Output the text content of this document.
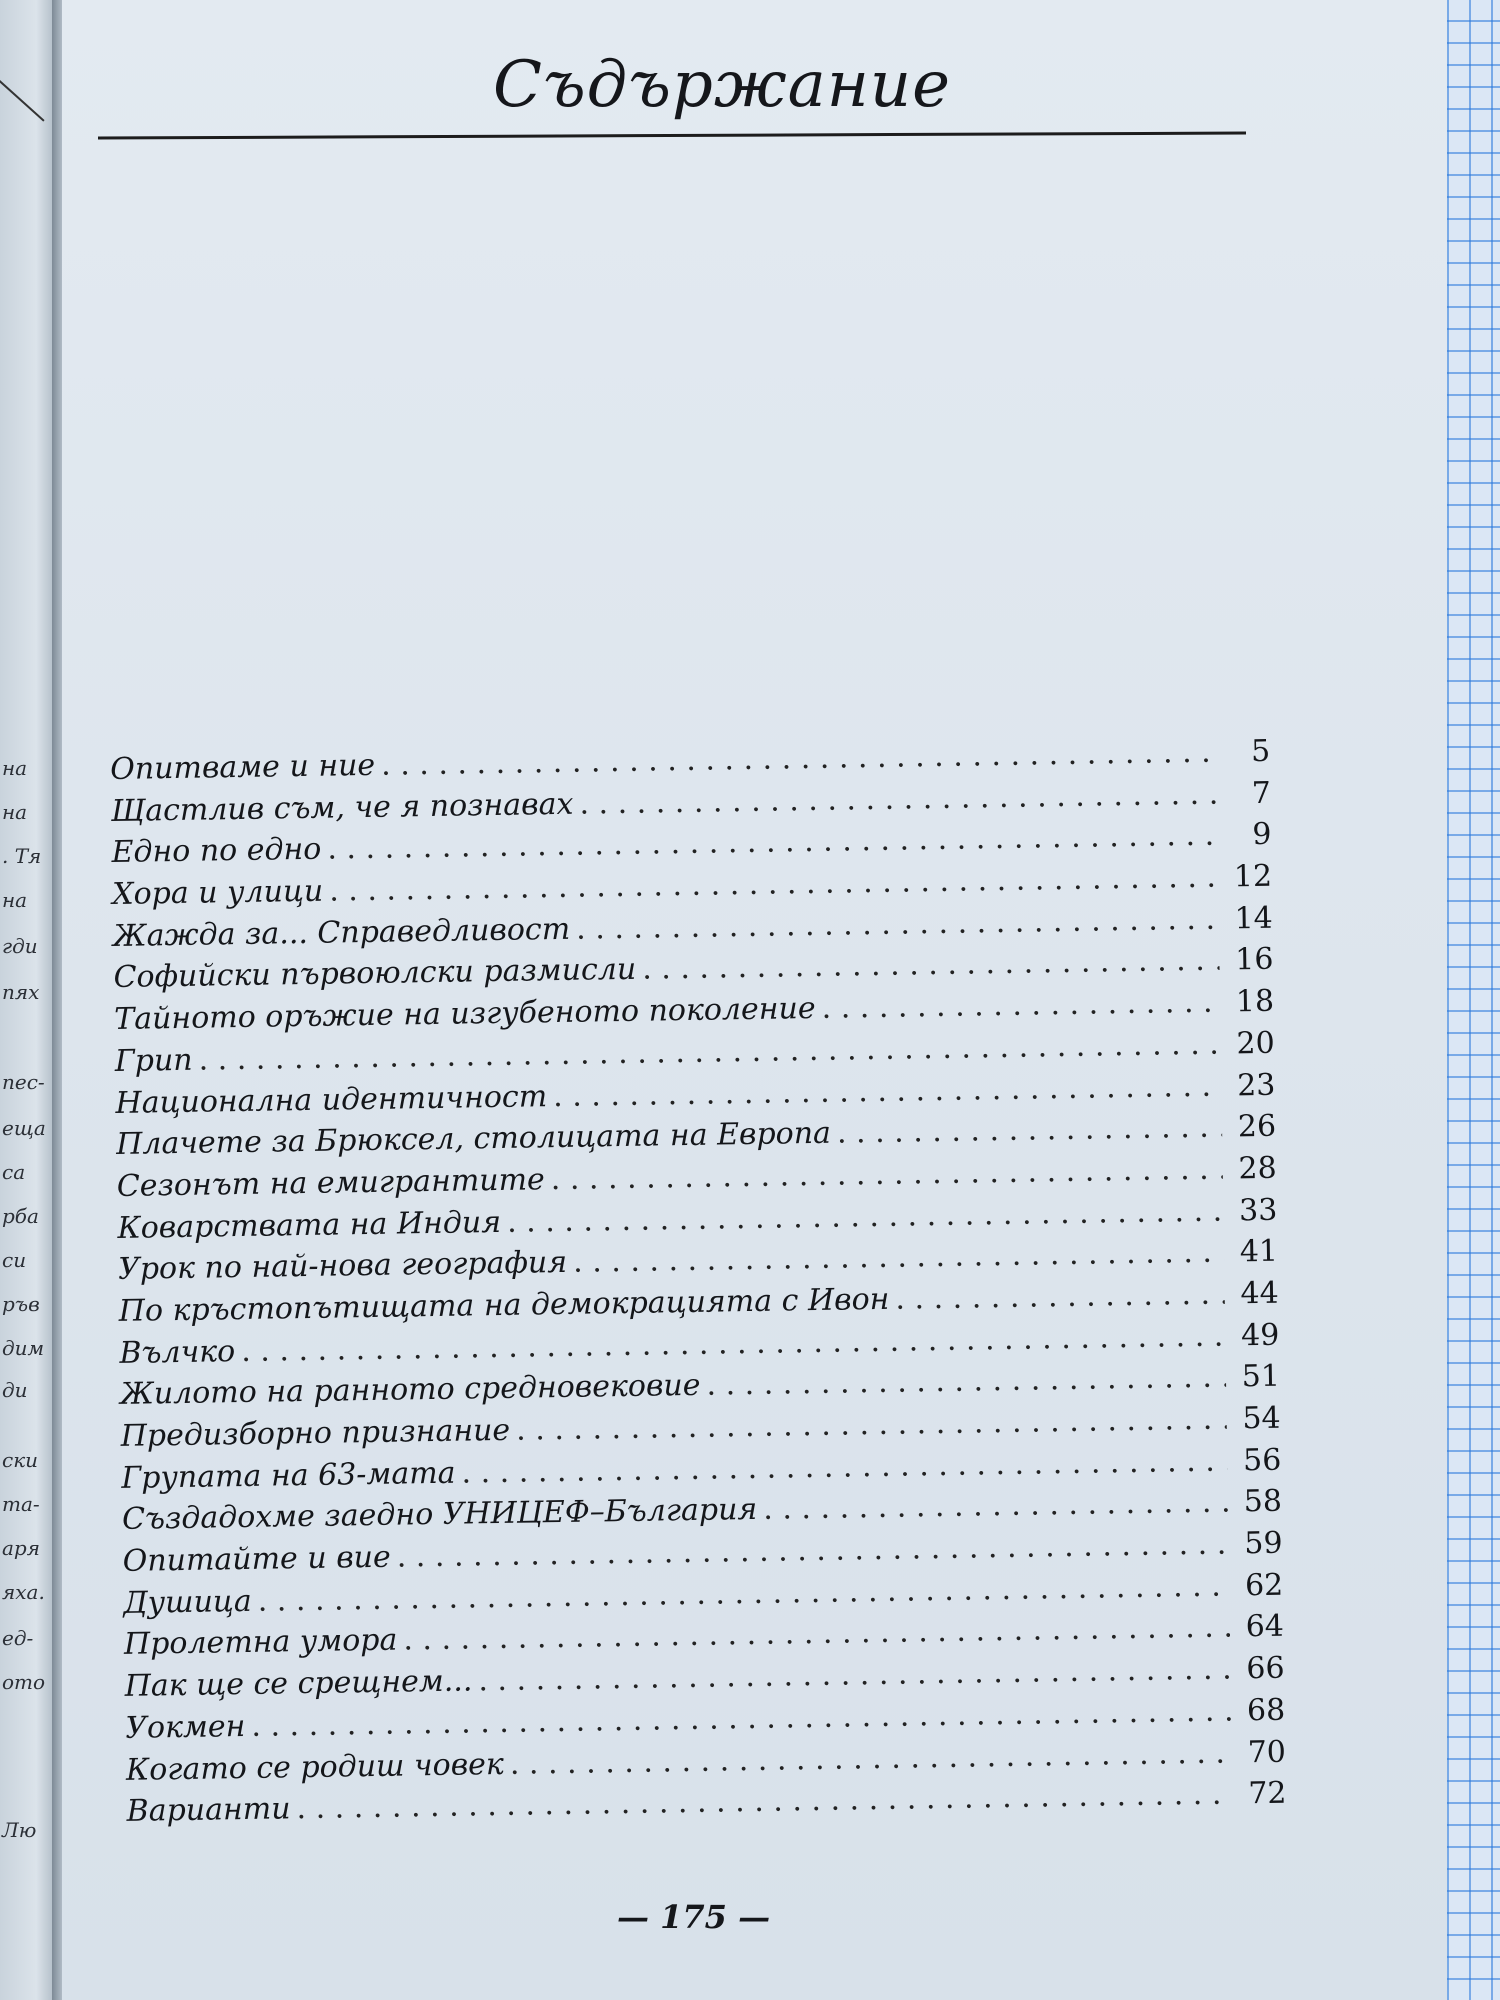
на
на
. Тя
на
гди
пях
пес-
еща
са
рба
си
ръв
дим
ди
ски
та-
аря
яха.
ед-
ото
Лю

Съдържание
Опитваме и ние . . .	5
Щастлив съм, че я познавах . . .	7
Едно по едно . . .	9
Хора и улици . . .	12
Жажда за... Справедливост . . .	14
Софийски първоюлски размисли . . .	16
Тайното оръжие на изгубеното поколение . . .	18
Грип . . .	20
Национална идентичност . . .	23
Плачете за Брюксел, столицата на Европа . . .	26
Сезонът на емигрантите . . .	28
Коварствата на Индия . . .	33
Урок по най-нова география . . .	41
По кръстопътищата на демокрацията с Ивон . . .	44
Вълчко . . .	49
Жилото на ранното средновековие . . .	51
Предизборно признание . . .	54
Групата на 63-мата . . .	56
Създадохме заедно УНИЦЕФ–България . . .	58
Опитайте и вие . . .	59
Душица . . .	62
Пролетна умора . . .	64
Пак ще се срещнем... . . .	66
Уокмен . . .	68
Когато се родиш човек . . .	70
Варианти . . .	72
— 175 —
